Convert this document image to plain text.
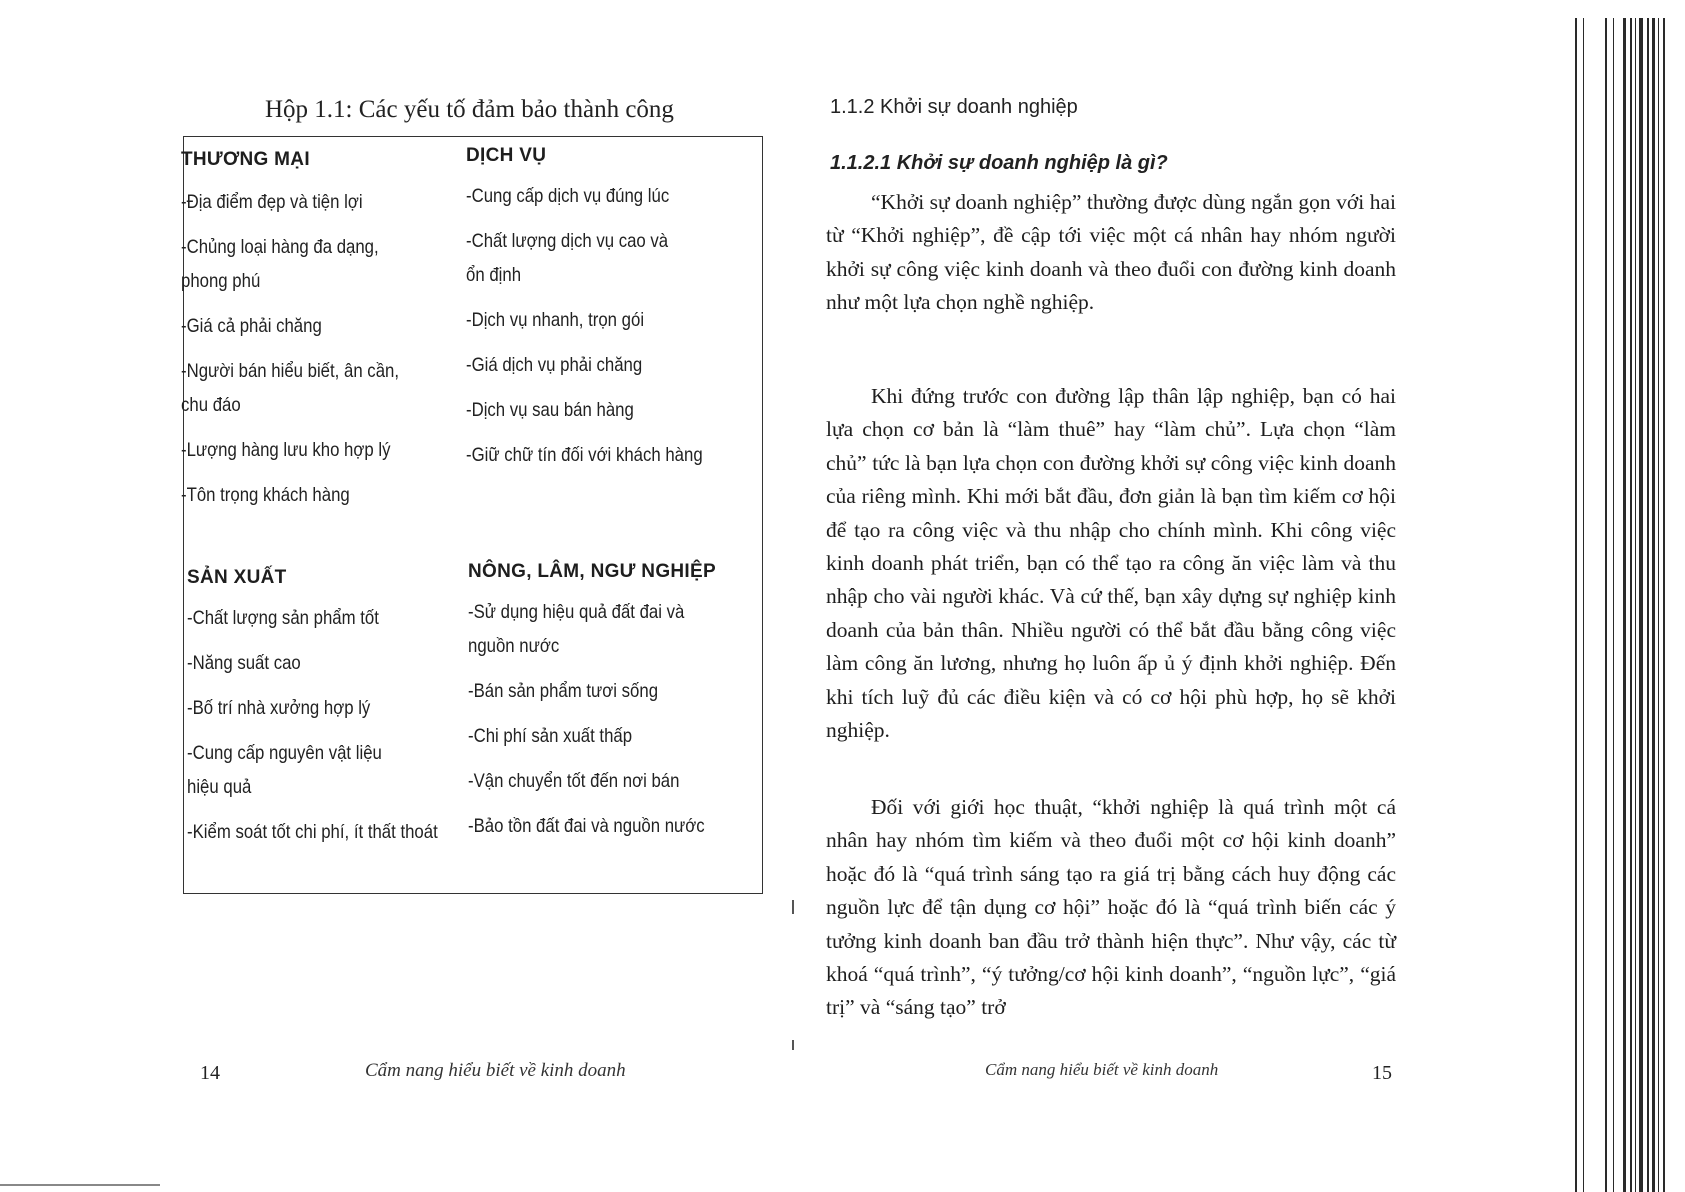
Hộp 1.1: Các yếu tố đảm bảo thành công
THƯƠNG MẠI
-Địa điểm đẹp và tiện lợi
-Chủng loại hàng đa dạng,
phong phú
-Giá cả phải chăng
-Người bán hiểu biết, ân cần,
chu đáo
-Lượng hàng lưu kho hợp lý
-Tôn trọng khách hàng
DỊCH VỤ
-Cung cấp dịch vụ đúng lúc
-Chất lượng dịch vụ cao và
ổn định
-Dịch vụ nhanh, trọn gói
-Giá dịch vụ phải chăng
-Dịch vụ sau bán hàng
-Giữ chữ tín đối với khách hàng
SẢN XUẤT
-Chất lượng sản phẩm tốt
-Năng suất cao
-Bố trí nhà xưởng hợp lý
-Cung cấp nguyên vật liệu
hiệu quả
-Kiểm soát tốt chi phí, ít thất thoát
NÔNG, LÂM, NGƯ NGHIỆP
-Sử dụng hiệu quả đất đai và
nguồn nước
-Bán sản phẩm tươi sống
-Chi phí sản xuất thấp
-Vận chuyển tốt đến nơi bán
-Bảo tồn đất đai và nguồn nước
14	Cẩm nang hiểu biết về kinh doanh
1.1.2 Khởi sự doanh nghiệp
1.1.2.1 Khởi sự doanh nghiệp là gì?

“Khởi sự doanh nghiệp” thường được dùng ngắn gọn với hai từ “Khởi nghiệp”, đề cập tới việc một cá nhân hay nhóm người khởi sự công việc kinh doanh và theo đuổi con đường kinh doanh như một lựa chọn nghề nghiệp.

Khi đứng trước con đường lập thân lập nghiệp, bạn có hai lựa chọn cơ bản là “làm thuê” hay “làm chủ”. Lựa chọn “làm chủ” tức là bạn lựa chọn con đường khởi sự công việc kinh doanh của riêng mình. Khi mới bắt đầu, đơn giản là bạn tìm kiếm cơ hội để tạo ra công việc và thu nhập cho chính mình. Khi công việc kinh doanh phát triển, bạn có thể tạo ra công ăn việc làm và thu nhập cho vài người khác. Và cứ thế, bạn xây dựng sự nghiệp kinh doanh của bản thân. Nhiều người có thể bắt đầu bằng công việc làm công ăn lương, nhưng họ luôn ấp ủ ý định khởi nghiệp. Đến khi tích luỹ đủ các điều kiện và có cơ hội phù hợp, họ sẽ khởi nghiệp.

Đối với giới học thuật, “khởi nghiệp là quá trình một cá nhân hay nhóm tìm kiếm và theo đuổi một cơ hội kinh doanh” hoặc đó là “quá trình sáng tạo ra giá trị bằng cách huy động các nguồn lực để tận dụng cơ hội” hoặc đó là “quá trình biến các ý tưởng kinh doanh ban đầu trở thành hiện thực”. Như vậy, các từ khoá “quá trình”, “ý tưởng/cơ hội kinh doanh”, “nguồn lực”, “giá trị” và “sáng tạo” trở

Cẩm nang hiểu biết về kinh doanh	15
